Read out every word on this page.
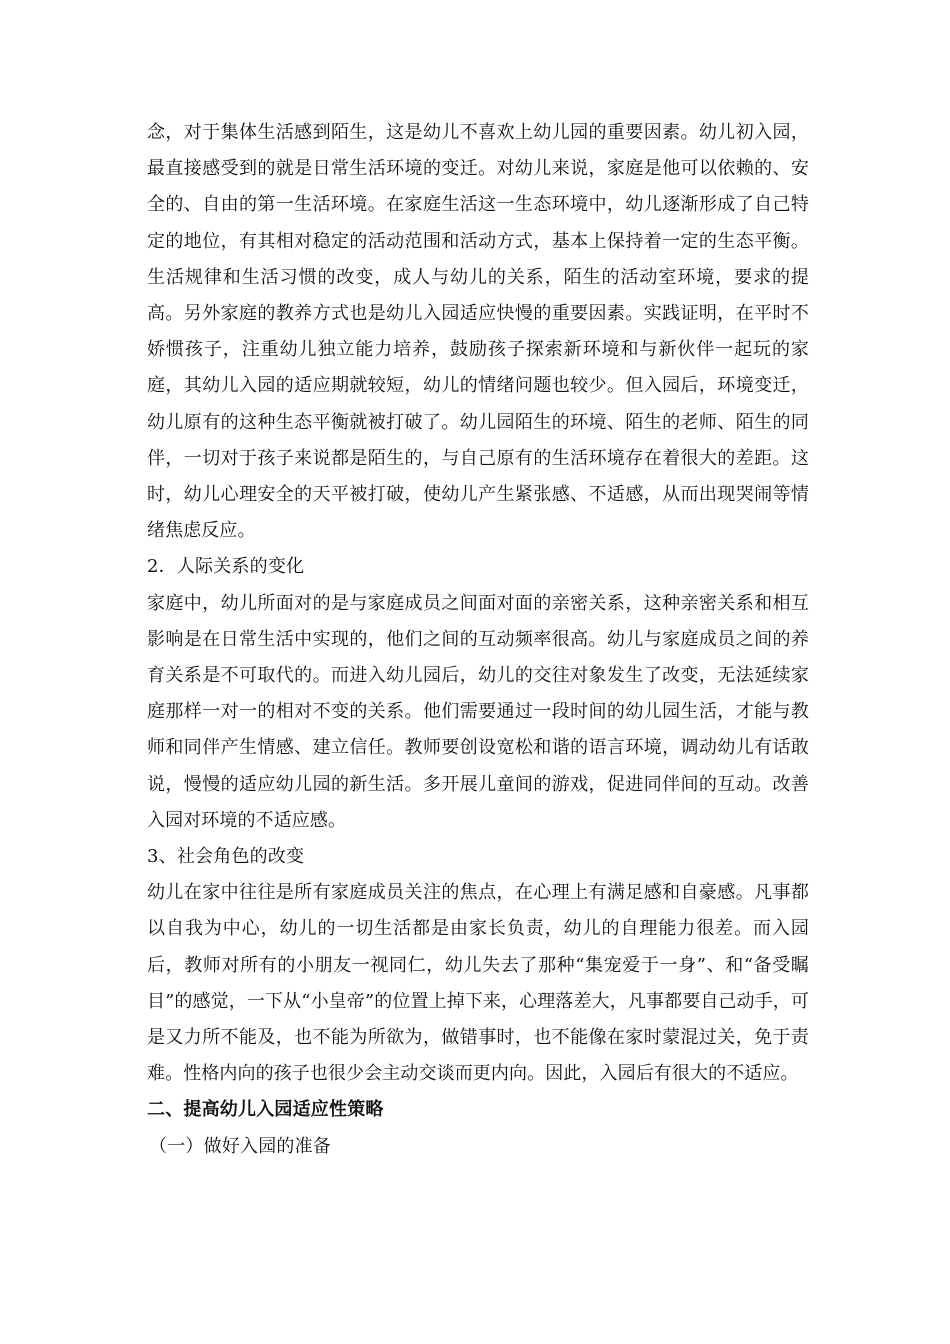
念，对于集体生活感到陌生，这是幼儿不喜欢上幼儿园的重要因素。幼儿初入园，最直接感受到的就是日常生活环境的变迁。对幼儿来说，家庭是他可以依赖的、安全的、自由的第一生活环境。在家庭生活这一生态环境中，幼儿逐渐形成了自己特定的地位，有其相对稳定的活动范围和活动方式，基本上保持着一定的生态平衡。生活规律和生活习惯的改变，成人与幼儿的关系，陌生的活动室环境，要求的提高。另外家庭的教养方式也是幼儿入园适应快慢的重要因素。实践证明，在平时不娇惯孩子，注重幼儿独立能力培养，鼓励孩子探索新环境和与新伙伴一起玩的家庭，其幼儿入园的适应期就较短，幼儿的情绪问题也较少。但入园后，环境变迁，幼儿原有的这种生态平衡就被打破了。幼儿园陌生的环境、陌生的老师、陌生的同伴，一切对于孩子来说都是陌生的，与自己原有的生活环境存在着很大的差距。这时，幼儿心理安全的天平被打破，使幼儿产生紧张感、不适感，从而出现哭闹等情绪焦虑反应。

2．人际关系的变化

家庭中，幼儿所面对的是与家庭成员之间面对面的亲密关系，这种亲密关系和相互影响是在日常生活中实现的，他们之间的互动频率很高。幼儿与家庭成员之间的养育关系是不可取代的。而进入幼儿园后，幼儿的交往对象发生了改变，无法延续家庭那样一对一的相对不变的关系。他们需要通过一段时间的幼儿园生活，才能与教师和同伴产生情感、建立信任。教师要创设宽松和谐的语言环境，调动幼儿有话敢说，慢慢的适应幼儿园的新生活。多开展儿童间的游戏，促进同伴间的互动。改善入园对环境的不适应感。

3、社会角色的改变

幼儿在家中往往是所有家庭成员关注的焦点，在心理上有满足感和自豪感。凡事都以自我为中心，幼儿的一切生活都是由家长负责，幼儿的自理能力很差。而入园后，教师对所有的小朋友一视同仁，幼儿失去了那种“集宠爱于一身”、和“备受瞩目”的感觉，一下从“小皇帝”的位置上掉下来，心理落差大，凡事都要自己动手，可是又力所不能及，也不能为所欲为，做错事时，也不能像在家时蒙混过关，免于责难。性格内向的孩子也很少会主动交谈而更内向。因此，入园后有很大的不适应。

二、提高幼儿入园适应性策略

（一）做好入园的准备
